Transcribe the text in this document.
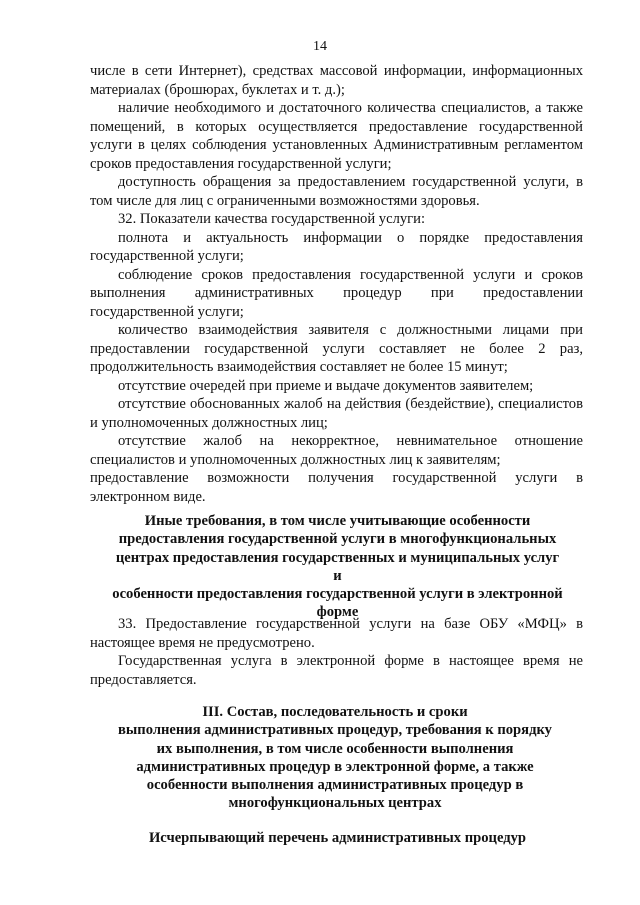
14

числе в сети Интернет), средствах массовой информации, информационных материалах (брошюрах, буклетах и т. д.);

наличие необходимого и достаточного количества специалистов, а также помещений, в которых осуществляется предоставление государственной услуги в целях соблюдения установленных Административным регламентом сроков предоставления государственной услуги;

доступность обращения за предоставлением государственной услуги, в том числе для лиц с ограниченными возможностями здоровья.

32. Показатели качества государственной услуги:

полнота и актуальность информации о порядке предоставления государственной услуги;

соблюдение сроков предоставления государственной услуги и сроков выполнения административных процедур при предоставлении государственной услуги;

количество взаимодействия заявителя с должностными лицами при предоставлении государственной услуги составляет не более 2 раз, продолжительность взаимодействия составляет не более 15 минут;

отсутствие очередей при приеме и выдаче документов заявителем;

отсутствие обоснованных жалоб на действия (бездействие), специалистов и уполномоченных должностных лиц;

отсутствие жалоб на некорректное, невнимательное отношение специалистов и уполномоченных должностных лиц к заявителям;

предоставление возможности получения государственной услуги в электронном виде.

Иные требования, в том числе учитывающие особенности
предоставления государственной услуги в многофункциональных
центрах предоставления государственных и муниципальных услуг и
особенности предоставления государственной услуги в электронной
форме

33. Предоставление государственной услуги на базе ОБУ «МФЦ» в настоящее время не предусмотрено.

Государственная услуга в электронной форме в настоящее время не предоставляется.

III. Состав, последовательность и сроки
выполнения административных процедур, требования к порядку
их выполнения, в том числе особенности выполнения
административных процедур в электронной форме, а также
особенности выполнения административных процедур в
многофункциональных центрах
Исчерпывающий перечень административных процедур
